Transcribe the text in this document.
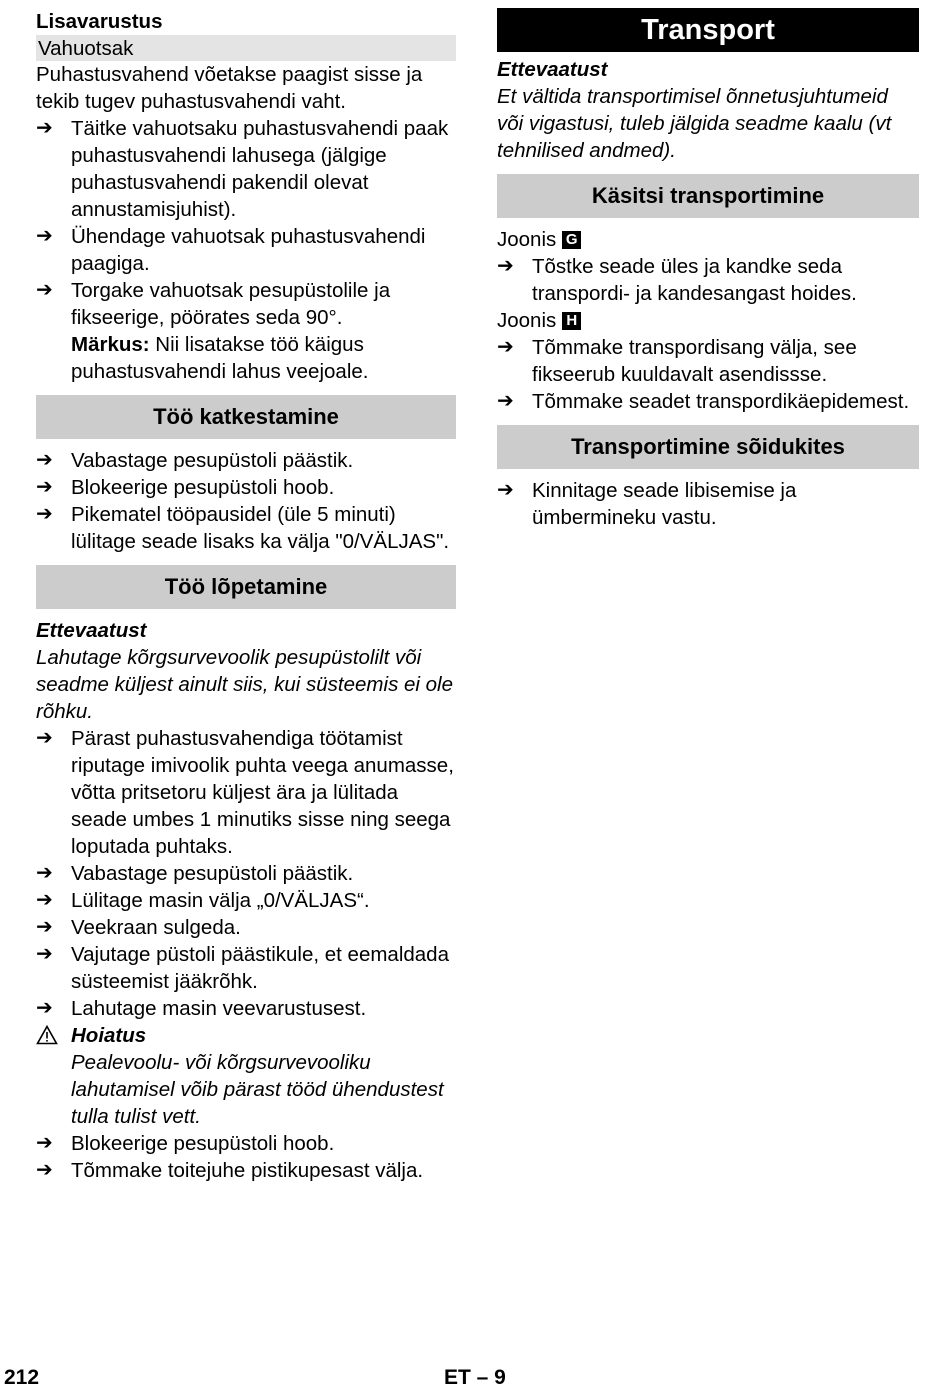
Lisavarustus

Vahuotsak

Puhastusvahend võetakse paagist sisse ja tekib tugev puhastusvahendi vaht.

➔ Täitke vahuotsaku puhastusvahendi paak puhastusvahendi lahusega (jälgige puhastusvahendi pakendil olevat annustamisjuhist).
➔ Ühendage vahuotsak puhastusvahendi paagiga.
➔ Torgake vahuotsak pesupüstolile ja fikseerige, pöörates seda 90°.

Märkus: Nii lisatakse töö käigus puhastusvahendi lahus veejoale.

Töö katkestamine
➔ Vabastage pesupüstoli päästik.
➔ Blokeerige pesupüstoli hoob.
➔ Pikematel tööpausidel (üle 5 minuti) lülitage seade lisaks ka välja "0/VÄLJAS".
Töö lõpetamine

Ettevaatust

Lahutage kõrgsurvevoolik pesupüstolilt või seadme küljest ainult siis, kui süsteemis ei ole rõhku.

➔ Pärast puhastusvahendiga töötamist riputage imivoolik puhta veega anumasse, võtta pritsetoru küljest ära ja lülitada seade umbes 1 minutiks sisse ning seega loputada puhtaks.
➔ Vabastage pesupüstoli päästik.
➔ Lülitage masin välja „0/VÄLJAS“.
➔ Veekraan sulgeda.
➔ Vajutage püstoli päästikule, et eemaldada süsteemist jääkrõhk.
➔ Lahutage masin veevarustusest.

Hoiatus

Pealevoolu- või kõrgsurvevooliku lahutamisel võib pärast tööd ühendustest tulla tulist vett.

➔ Blokeerige pesupüstoli hoob.
➔ Tõmmake toitejuhe pistikupesast välja.
Transport

Ettevaatust

Et vältida transportimisel õnnetusjuhtumeid või vigastusi, tuleb jälgida seadme kaalu (vt tehnilised andmed).

Käsitsi transportimine

Joonis G

➔ Tõstke seade üles ja kandke seda transpordi- ja kandesangast hoides.

Joonis H

➔ Tõmmake transpordisang välja, see fikseerub kuuldavalt asendissse.
➔ Tõmmake seadet transpordikäepidemest.
Transportimine sõidukites
➔ Kinnitage seade libisemise ja ümbermineku vastu.
212	ET – 9
